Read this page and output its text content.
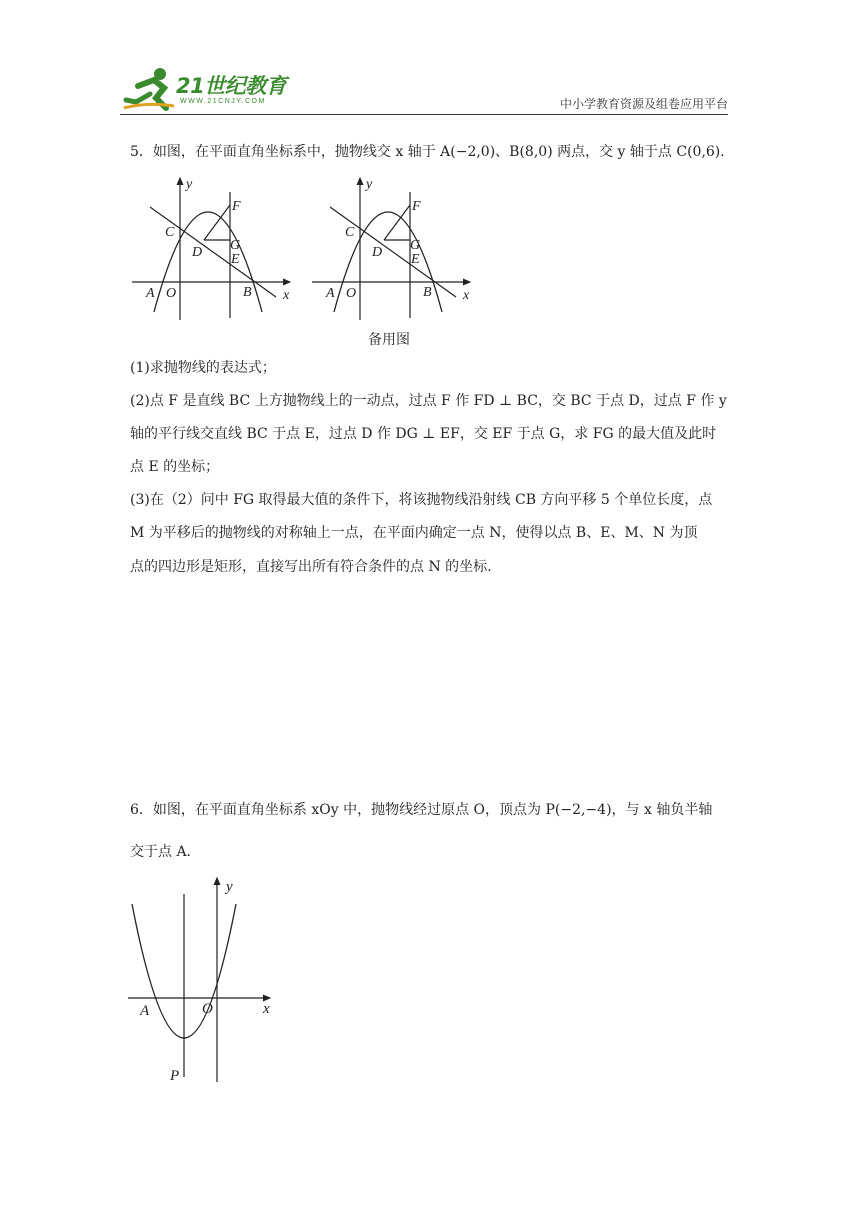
21世纪教育
WWW.21CNJY.COM	中小学教育资源及组卷应用平台
5．如图，在平面直角坐标系中，抛物线交 x 轴于 A(−2,0)、B(8,0) 两点，交 y 轴于点 C(0,6)．
y
x
F
C
G
D E
A O	B
y
x
F
C
G
D E
A O	B
备用图
(1)求抛物线的表达式；
(2)点 F 是直线 BC 上方抛物线上的一动点，过点 F 作 FD ⊥ BC，交 BC 于点 D，过点 F 作 y
轴的平行线交直线 BC 于点 E，过点 D 作 DG ⊥ EF，交 EF 于点 G，求 FG 的最大值及此时
点 E 的坐标；
(3)在（2）问中 FG 取得最大值的条件下，将该抛物线沿射线 CB 方向平移 5 个单位长度，点
M 为平移后的抛物线的对称轴上一点，在平面内确定一点 N，使得以点 B、E、M、N 为顶
点的四边形是矩形，直接写出所有符合条件的点 N 的坐标.
6．如图，在平面直角坐标系 xOy 中，抛物线经过原点 O，顶点为 P(−2,−4)，与 x 轴负半轴
交于点 A．
y
x
A	O
P
